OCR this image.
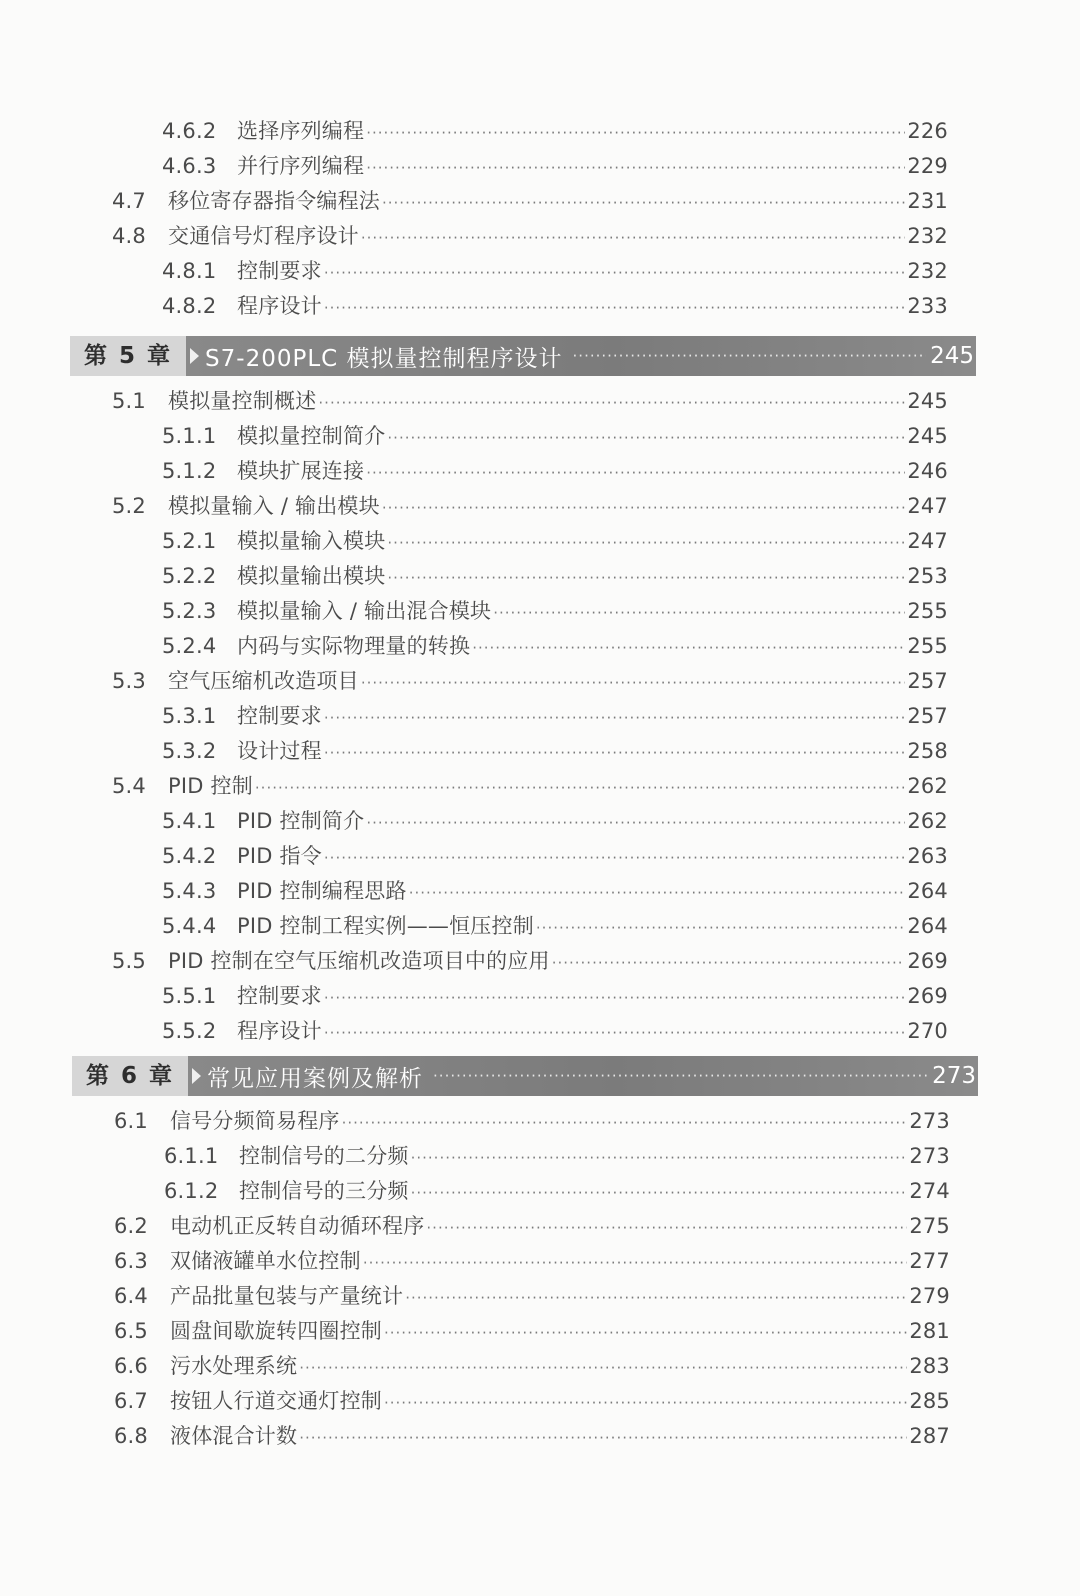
4.6.2 选择序列编程 ·····	226
4.6.3 并行序列编程 ·····	229
4.7	移位寄存器指令编程法 ·····	231
4.8	交通信号灯程序设计 ·····	232
4.8.1 控制要求 ·····	232
4.8.2 程序设计 ·····	233
第 5 章	S7-200PLC 模拟量控制程序设计 ·····	245
5.1	模拟量控制概述 ·····	245
5.1.1 模拟量控制简介 ·····	245
5.1.2 模块扩展连接 ·····	246
5.2	模拟量输入 / 输出模块 ·····	247
5.2.1 模拟量输入模块 ·····	247
5.2.2 模拟量输出模块 ·····	253
5.2.3 模拟量输入 / 输出混合模块 ·····	255
5.2.4 内码与实际物理量的转换 ·····	255
5.3	空气压缩机改造项目 ·····	257
5.3.1 控制要求 ·····	257
5.3.2 设计过程 ·····	258
5.4	PID 控制 ·····	262
5.4.1 PID 控制简介 ·····	262
5.4.2 PID 指令 ·····	263
5.4.3 PID 控制编程思路 ·····	264
5.4.4 PID 控制工程实例——恒压控制 ·····	264
5.5	PID 控制在空气压缩机改造项目中的应用 ·····	269
5.5.1 控制要求 ·····	269
5.5.2 程序设计 ·····	270
第 6 章	常见应用案例及解析 ·····	273
6.1	信号分频简易程序 ·····	273
6.1.1 控制信号的二分频 ·····	273
6.1.2 控制信号的三分频 ·····	274
6.2	电动机正反转自动循环程序 ·····	275
6.3	双储液罐单水位控制 ·····	277
6.4	产品批量包装与产量统计 ·····	279
6.5	圆盘间歇旋转四圈控制 ·····	281
6.6	污水处理系统 ·····	283
6.7	按钮人行道交通灯控制 ·····	285
6.8	液体混合计数 ·····	287
